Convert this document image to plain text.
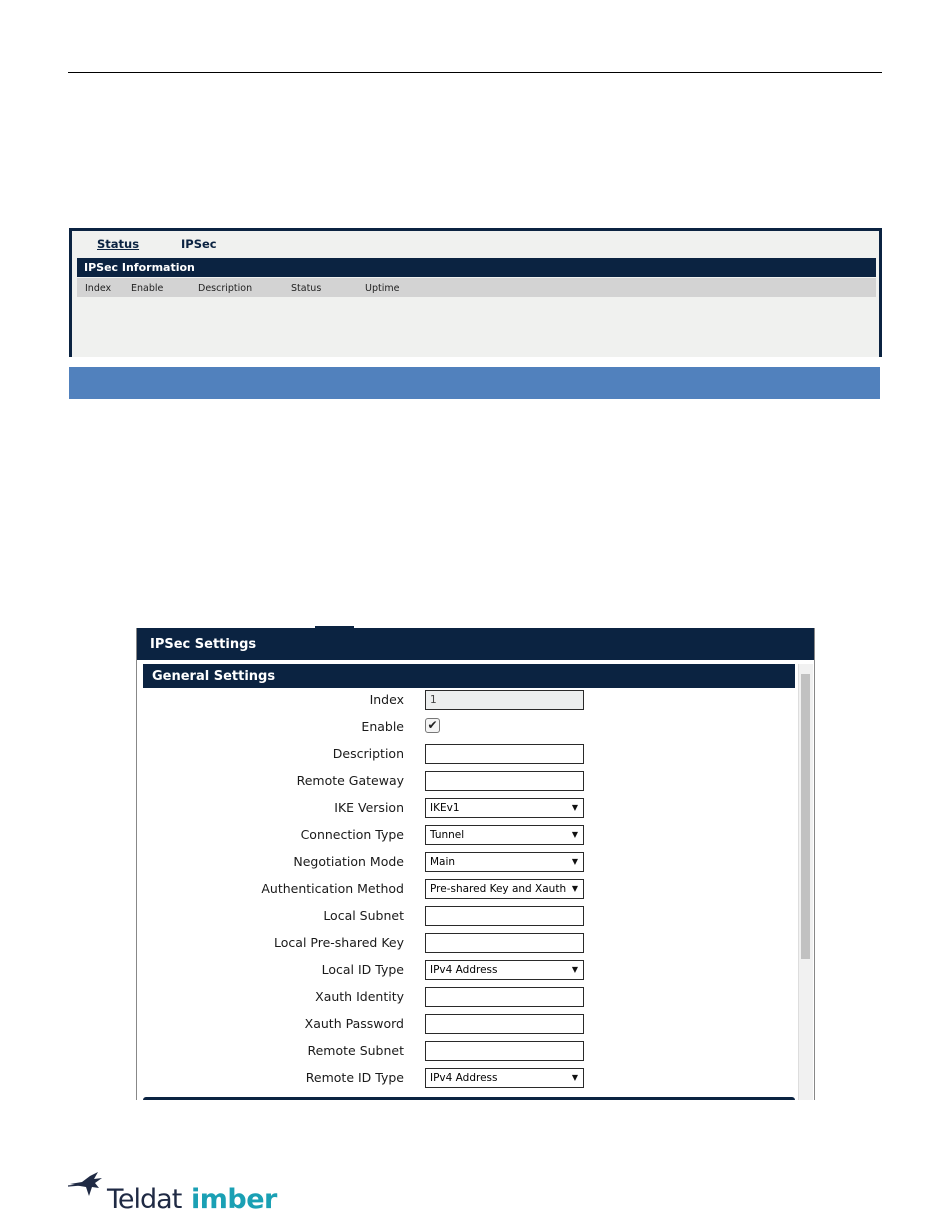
Status	IPSec
IPSec Information
Index Enable	Description	Status	Uptime
IPSec Settings
General Settings
Index	1
Enable ✔
Description
Remote Gateway
IKE Version	IKEv1	▼
Connection Type	Tunnel	▼
Negotiation Mode	Main	▼
Authentication Method	Pre-shared Key and Xauth ▼
Local Subnet
Local Pre-shared Key
Local ID Type	IPv4 Address	▼
Xauth Identity
Xauth Password
Remote Subnet
Remote ID Type	IPv4 Address	▼
Teldat imber
